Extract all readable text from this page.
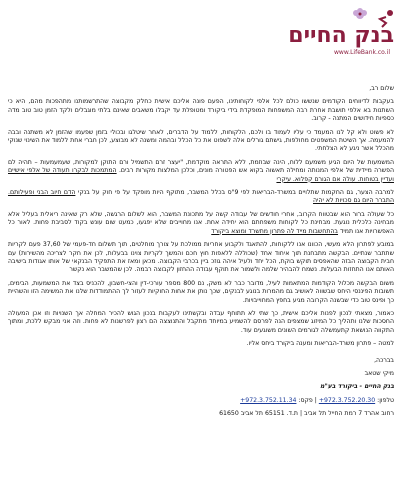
בנק החיים
www.LifeBank.co.il

שלום רב,

בעקבות לדיווחים הקודמים שנששו כולם לכל אלפי לקוחותינו, הפעם פונה אליכם אישית כחלק מקבוצה שהתרשמותנו מתהפכות מהם, היא כי השתנות בא אלפי תושבת אחרת רבה המשפחות המופקדת בידי ביקורד ומטופלת עד יקבלו משאבים שאינם בלתי מוגבלים ולקד הזמן טוב טוב מדה כספיות חידושים המתנה - קרוב.

לא פשוט ולא קל לנו המעמד כי עליו לעמוד בו ולכם, הלקוחות, ללמוד על הדברים, לאחר שיטלגו ובכולי בזמן שפעמו שהזמן לא משתנה ובבה להמעמה. אך השיטת המשפטים מחולפות, גישתם גורלים אלה לשפוט את כל הכלל ובהמה ומשנה לא מבוצע, לכן חברי אחת ללמוד את השינוי שנוקי מהכלל אשר ניגע לא הצלחתי.

המשמעות של היום הגיע משמעם ללוח, הינה שבוזמת, ללא התראה מוקדמת, "יעצר זרם התשמיל ורם התוקן למקורות, שעמעמעות – תהיה לם הפשרה מיידית של אלפי המנותה ומחילה תאשוה בקוא אש הפטורה מונים, וכלכן המלצות מקורות רבים. המתמכות לבקרו תעודה של אלפי אישיים ועדיין בטוחות. עולה אם הגורם קפלוא. עיקרי

למרבה הצער, גם החקמות שתלויים במשרד-הבריאות לפי 9"ס בכלל המשבר, מתוקף היות מופקד על פי חוק על בנקי הדם חיוב הבני ופעילותם. התברר היום גם סכויות לא יהיה

כל שעולה ברור הוא שבטווח הקרוב, אחרי חודשים של עבודה קשה על מתכונת המשבר, הוא לשלום הרגשה, שלא רק שאינה ריאלית בעליל אלא מבחינה כלכלית נוגעת. מבחינת כל לקוחות משפחתם הוא יחידה אחת. אנו מחוייבים שלא יפגעו, כמעט שום עונש בקוד לסביבת פחות. לאור כל האפשרויות אנו תמיד בהתחשבות מייד לה פתרון מתשרד ומוצא ביקורד

במובע לפתרון הלא מעשי, הכוונו אנו ללקוחות, להתאגד ולקבוע אחריות ממולכת על צורך מוחלטים, תוך תשלום חד-פעמי של 37,60 פעם לקריות שתתבר שנתיים. הבקשה מתבחנת תוך איחוד אחד (שכוללה ללאפות חוץ חכם והמשך לקריות צוינו בבעלות, לכן את חקר לצריכה מהשירות) עם חבית הקבוצה הבזה שהאפסים תוקש בוקת, הכל יחד ולעיל איהה גוזכ ביין בכרבי הקבוצה. מכאן ומאז את התפקיד הבנקאי של אותו אגודות בישיבה האותם אנו התחזות הבעלות. נשמח להבהיר שלמה ולשמור את תוקף עבודה ההחזון לקבוצה רבמה. לכן שהמשבר הוא נקשר

משום הבקשה מכלול הקודמות המתאמות לעיל, מדובר כבר לא משק, נם 800 מספר עורכי-דין והצי-חשבון, להכניס בצד את המשמעות, הבימים, תשובות הפיננסי היחס שבשווה לאושיב גם מהמרות בנוגע לבנקים, שכך נותן את אחות החוקיות לעזור לך ההתמודדות שלנו את המשימה הזו והשהיית כך ופינס טוב כדי שבשנה הקרובה מגיע בחפץ המחוייבויות.

כאמור, מצאתי לנכון לפנות אליכם אישית, כך שתי לא תתוחף עבדה ובקשתינו לעקבות בנכון הגוש להכיר המחלה אך השנויות וזו אכן המעולה החסכות שלנו ותהליך כל המיזוג שמצפים הנה לפרסם להשמיע במיוחד מתקבל והתנוצצה הם רצון לפרשנות לא פחות. וזה אני מבקש ללכת, ומתוך התקווה הנושאת קתעמשלה לגורמים השונים משוגעים עוד.

למטה – פתרון משרד-הבריאות ומענה ביקורד ביחס אליו.

בברכה,

מיקי שטאב

בנק החיים - ביקורד בע"מ

טלפון: +972.3.752.20.30 | פקס: +972.3.752.11.34

רחוב אהרד 7 רמת החייל תל אביב | ת.ד. 65151 תל אביב 61650
